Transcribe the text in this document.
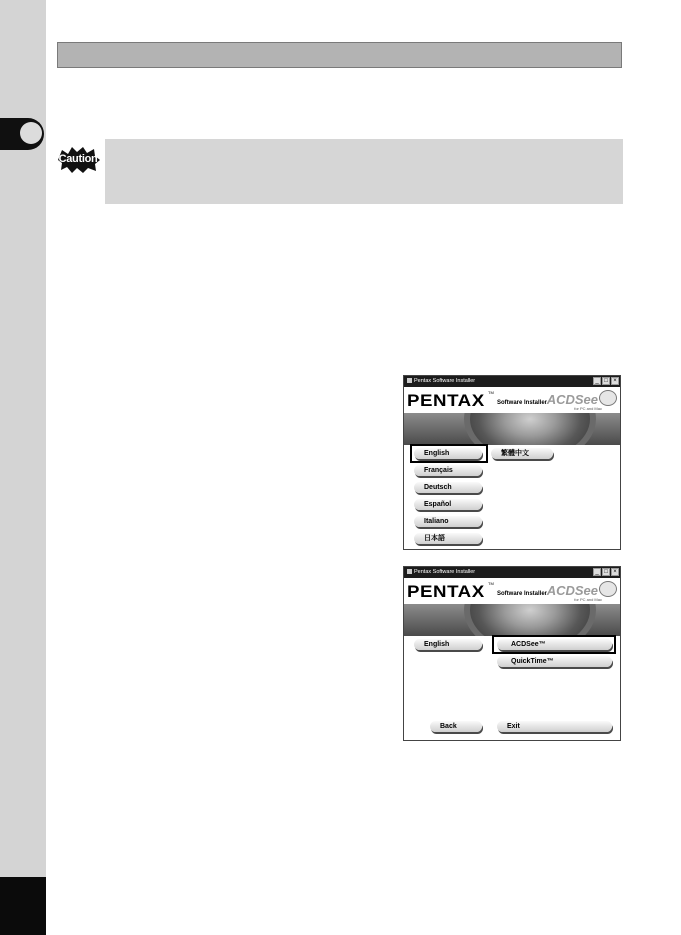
Caution
Pentax Software Installer	_ □ ×
PENTAX TM
Software Installer ACDSee
for PC and Mac
English
Français
Deutsch
Español
Italiano
日本語
繁體中文
Pentax Software Installer	_ □ ×
PENTAX TM
Software Installer ACDSee
for PC and Mac
English	ACDSee™
QuickTime™
Back	Exit
